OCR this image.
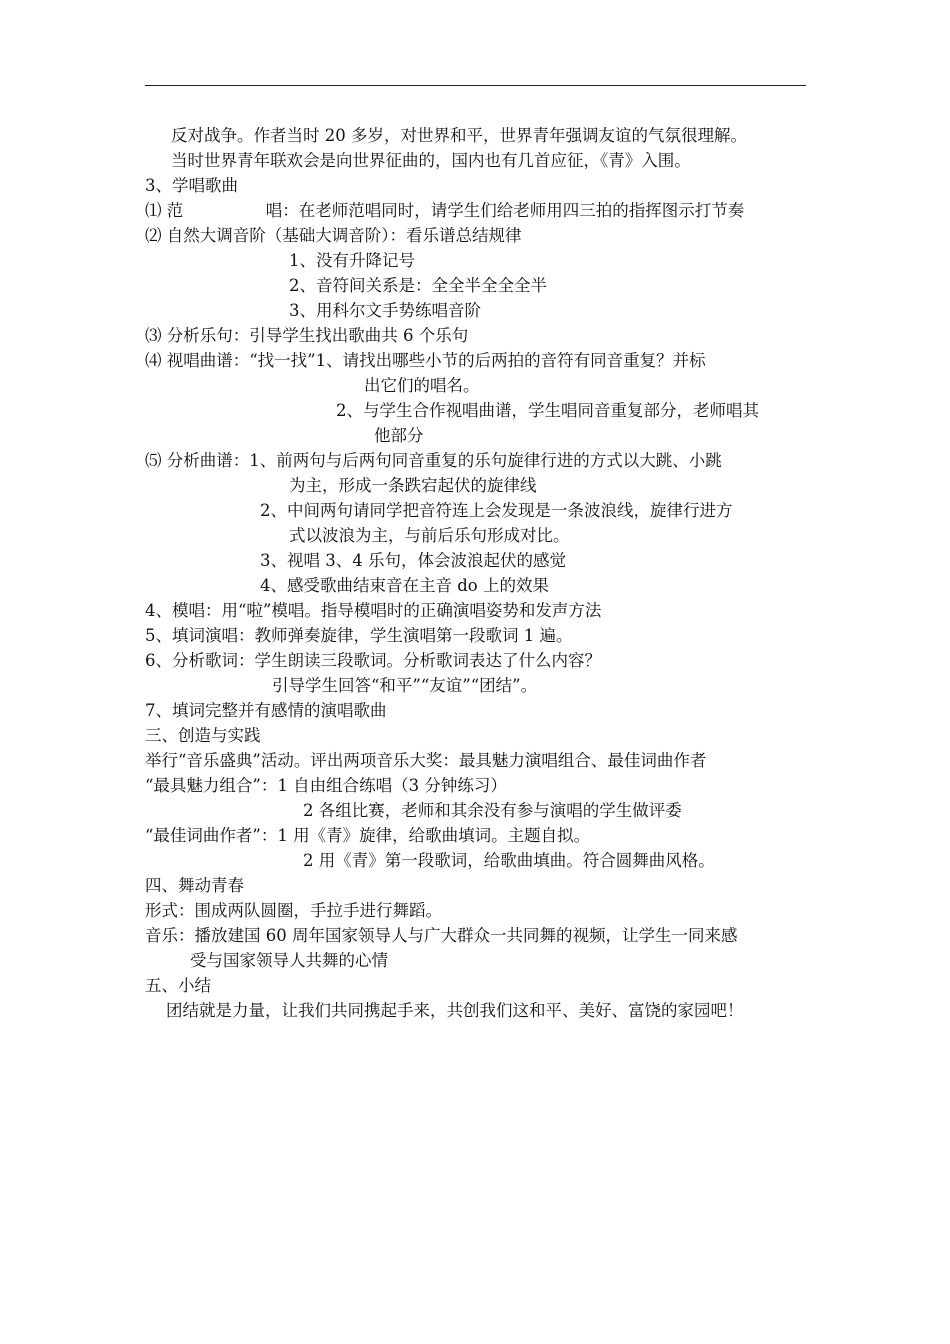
反对战争。作者当时 20 多岁，对世界和平，世界青年强调友谊的气氛很理解。
当时世界青年联欢会是向世界征曲的，国内也有几首应征，《青》入围。
3、学唱歌曲
⑴ 范　　　　　唱：在老师范唱同时，请学生们给老师用四三拍的指挥图示打节奏
⑵ 自然大调音阶（基础大调音阶）：看乐谱总结规律
1、没有升降记号
2、音符间关系是：全全半全全全半
3、用科尔文手势练唱音阶
⑶ 分析乐句：引导学生找出歌曲共 6 个乐句
⑷ 视唱曲谱：“找一找”1、请找出哪些小节的后两拍的音符有同音重复？并标
出它们的唱名。
2、与学生合作视唱曲谱，学生唱同音重复部分，老师唱其
他部分
⑸ 分析曲谱：1、前两句与后两句同音重复的乐句旋律行进的方式以大跳、小跳
为主，形成一条跌宕起伏的旋律线
2、中间两句请同学把音符连上会发现是一条波浪线，旋律行进方
式以波浪为主，与前后乐句形成对比。
3、视唱 3、4 乐句，体会波浪起伏的感觉
4、感受歌曲结束音在主音 do 上的效果
4、模唱：用“啦”模唱。指导模唱时的正确演唱姿势和发声方法
5、填词演唱：教师弹奏旋律，学生演唱第一段歌词 1 遍。
6、分析歌词：学生朗读三段歌词。分析歌词表达了什么内容？
引导学生回答“和平”“友谊”“团结”。
7、填词完整并有感情的演唱歌曲
三、创造与实践
举行“音乐盛典”活动。评出两项音乐大奖：最具魅力演唱组合、最佳词曲作者
“最具魅力组合”：1 自由组合练唱（3 分钟练习）
2 各组比赛，老师和其余没有参与演唱的学生做评委
“最佳词曲作者”：1 用《青》旋律，给歌曲填词。主题自拟。
2 用《青》第一段歌词，给歌曲填曲。符合圆舞曲风格。
四、舞动青春
形式：围成两队圆圈，手拉手进行舞蹈。
音乐：播放建国 60 周年国家领导人与广大群众一共同舞的视频，让学生一同来感
受与国家领导人共舞的心情
五、小结
团结就是力量，让我们共同携起手来，共创我们这和平、美好、富饶的家园吧！
